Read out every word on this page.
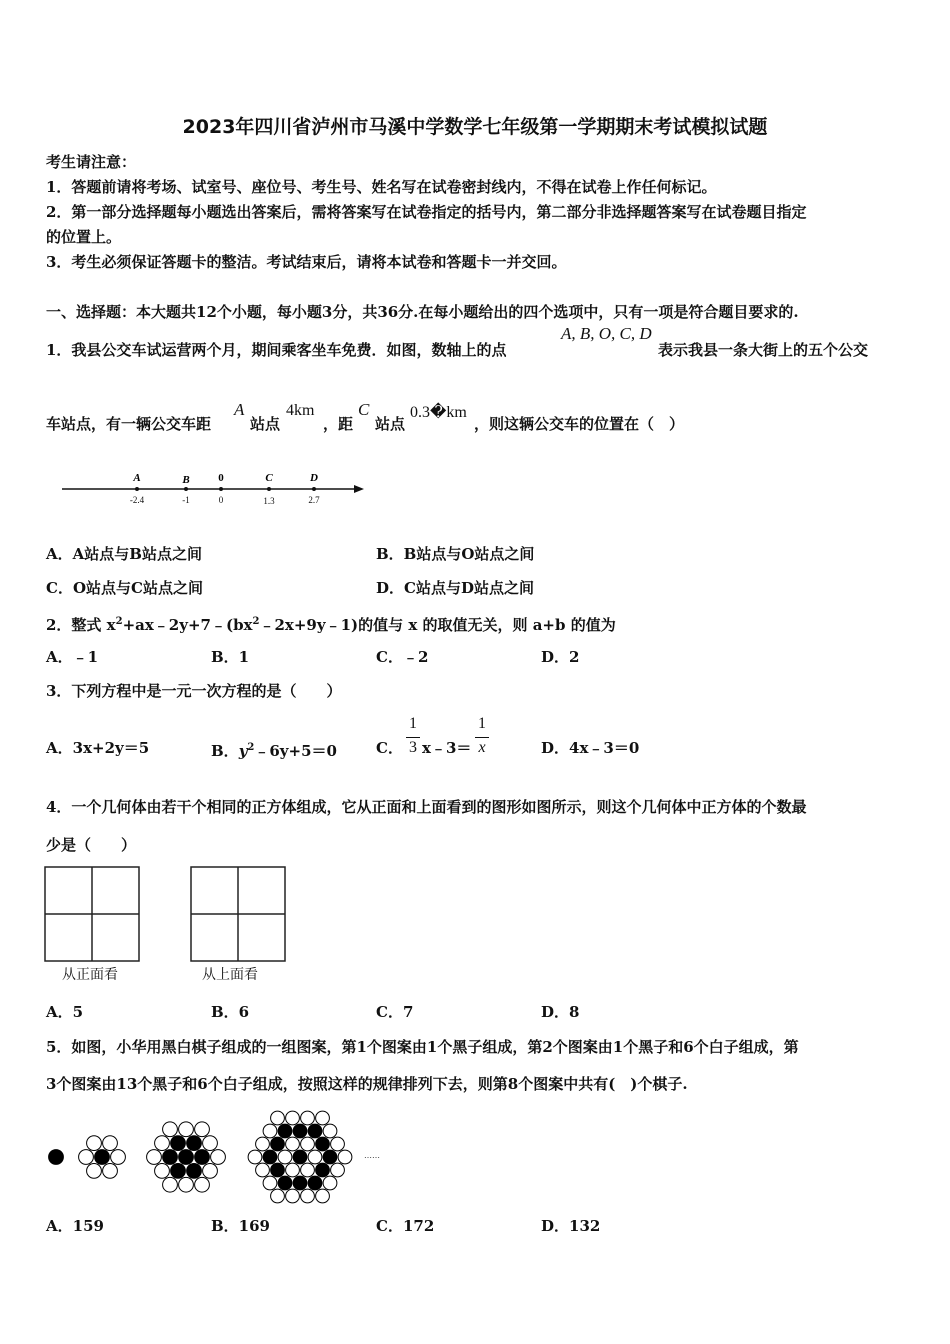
2023年四川省泸州市马溪中学数学七年级第一学期期末考试模拟试题
考生请注意：
1．答题前请将考场、试室号、座位号、考生号、姓名写在试卷密封线内，不得在试卷上作任何标记。
2．第一部分选择题每小题选出答案后，需将答案写在试卷指定的括号内，第二部分非选择题答案写在试卷题目指定
的位置上。
3．考生必须保证答题卡的整洁。考试结束后，请将本试卷和答题卡一并交回。
一、选择题：本大题共12个小题，每小题3分，共36分.在每小题给出的四个选项中，只有一项是符合题目要求的.
1．我县公交车试运营两个月，期间乘客坐车免费．如图，数轴上的点
A, B, O, C, D
表示我县一条大街上的五个公交
车站点，有一辆公交车距
A
站点
4km
，距
C
站点
0.3�km
，则这辆公交车的位置在（　）
A	B	0	C	D
-2.4	-1	0	1.3	2.7
A．A站点与B站点之间	B．B站点与O站点之间
C．O站点与C站点之间	D．C站点与D站点之间
2．整式 $x^2+ax﹣2y+7﹣(bx^2﹣2x+9y﹣1)$的值与 x 的取值无关，则 a+b 的值为
A．﹣1	B．1	C．﹣2	D．2
3．下列方程中是一元一次方程的是（　　）
A．3x+2y＝5	B．$y^2﹣6y+5=0$	C．
1
3 x﹣3＝
1
x	D．4x﹣3＝0
4．一个几何体由若干个相同的正方体组成，它从正面和上面看到的图形如图所示，则这个几何体中正方体的个数最
少是（　　）
从正面看	从上面看
A．5	B．6	C．7	D．8
5．如图，小华用黑白棋子组成的一组图案，第1个图案由1个黑子组成，第2个图案由1个黑子和6个白子组成，第
3个图案由13个黑子和6个白子组成，按照这样的规律排列下去，则第8个图案中共有(　)个棋子.
……
A．159	B．169	C．172	D．132
